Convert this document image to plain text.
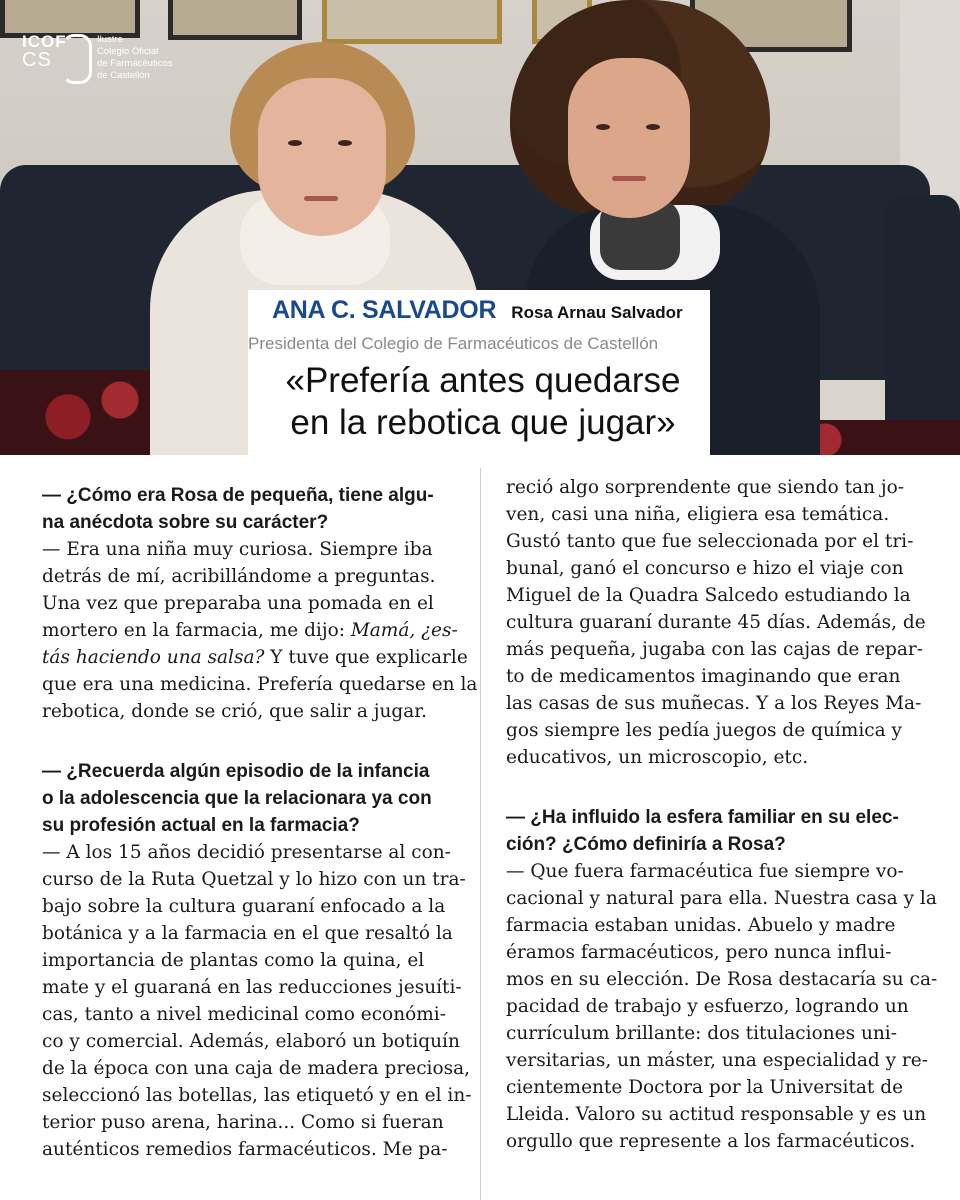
ICOF
CS
Ilustre
Colegio Oficial
de Farmacéuticos
de Castellón
ANA C. SALVADOR Rosa Arnau Salvador
Presidenta del Colegio de Farmacéuticos de Castellón
«Prefería antes quedarse
en la rebotica que jugar»
— ¿Cómo era Rosa de pequeña, tiene algu-
na anécdota sobre su carácter?
— Era una niña muy curiosa. Siempre iba
detrás de mí, acribillándome a preguntas.
Una vez que preparaba una pomada en el
mortero en la farmacia, me dijo: Mamá, ¿es-
tás haciendo una salsa? Y tuve que explicarle
que era una medicina. Prefería quedarse en la
rebotica, donde se crió, que salir a jugar.
— ¿Recuerda algún episodio de la infancia
o la adolescencia que la relacionara ya con
su profesión actual en la farmacia?
— A los 15 años decidió presentarse al con-
curso de la Ruta Quetzal y lo hizo con un tra-
bajo sobre la cultura guaraní enfocado a la
botánica y a la farmacia en el que resaltó la
importancia de plantas como la quina, el
mate y el guaraná en las reducciones jesuíti-
cas, tanto a nivel medicinal como económi-
co y comercial. Además, elaboró un botiquín
de la época con una caja de madera preciosa,
seleccionó las botellas, las etiquetó y en el in-
terior puso arena, harina... Como si fueran
auténticos remedios farmacéuticos. Me pa-
reció algo sorprendente que siendo tan jo-
ven, casi una niña, eligiera esa temática.
Gustó tanto que fue seleccionada por el tri-
bunal, ganó el concurso e hizo el viaje con
Miguel de la Quadra Salcedo estudiando la
cultura guaraní durante 45 días. Además, de
más pequeña, jugaba con las cajas de repar-
to de medicamentos imaginando que eran
las casas de sus muñecas. Y a los Reyes Ma-
gos siempre les pedía juegos de química y
educativos, un microscopio, etc.
— ¿Ha influido la esfera familiar en su elec-
ción? ¿Cómo definiría a Rosa?
— Que fuera farmacéutica fue siempre vo-
cacional y natural para ella. Nuestra casa y la
farmacia estaban unidas. Abuelo y madre
éramos farmacéuticos, pero nunca influi-
mos en su elección. De Rosa destacaría su ca-
pacidad de trabajo y esfuerzo, logrando un
currículum brillante: dos titulaciones uni-
versitarias, un máster, una especialidad y re-
cientemente Doctora por la Universitat de
Lleida. Valoro su actitud responsable y es un
orgullo que represente a los farmacéuticos.
